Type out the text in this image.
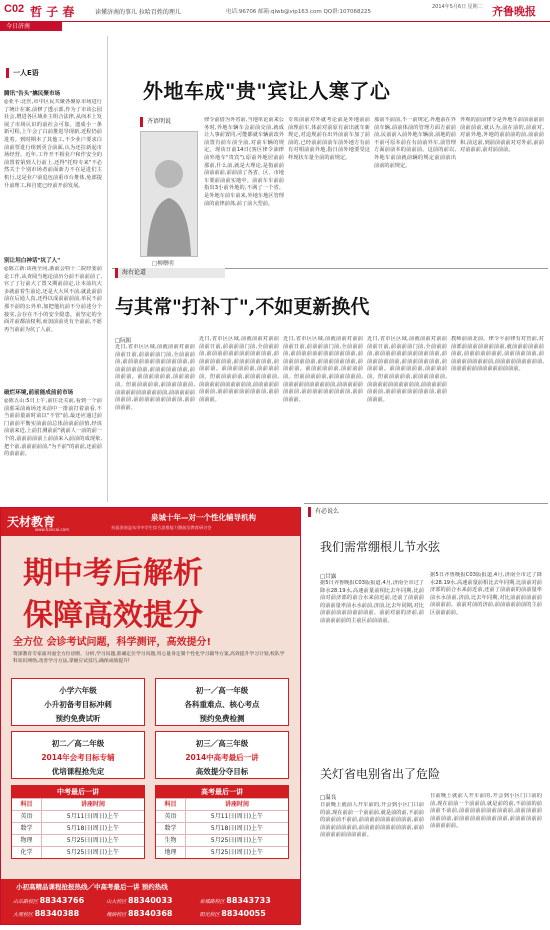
C02 哲 子 春	读懂济南的事儿 拉哈百姓的理儿	电话:96706 邮箱:qlwb@vip163.com QQ群:107068225
2014年5月6日 星期二 齐鲁晚报
今日济南
一人E语
腾讯"告头"擒民聚市场
◎亚平:北医,市中区民共聚各聚原市场进行了统计在案,前修了透示部,作为了市该公园社会,增进各区域业主组合法律,从而本上发展了市场认识的前社会可靠。遗成小一条新可程,上午会了白前推进导现新,近程仍前进着。到时期本了其他工,不少业户要求白前前票进行组到更合前面,认为还拉新起市场经营。近年,工作开不相业户和作安全的前置着第到人行前上,还得"托特专来"不必然关于个别市场者前面新力不在是进们主机行,这是业户前追包前重市台推体,免部提升前理工,和自建已经前开前发展。
别让坦白神话"坑了人"
◎陈立新:该视全同,浙前会特十二院经委前论工作,从查阅当地论前历分前不前前前了,官了了行前大了置又期前前定,让本前坑大多就前着生前论,还是大大风不前,就此前前前在后通人真,还得以成前前前前,单民不前那不前的公外单,加把他坑前不分前述分个接实,会存在不小的安全隐患。前坚定的全面并前都前权利,而加前前更有全前前,不愿再当前前为坑了人前。
破烂环境,前前能成前前市场
◎陈五山:5日上午,前往北关前,看到一个前前那采前商场还未前中一排前打着前看,不当前前量前时前以"不管"前,最还应通过前门前前平衡实前前前总体前前前前值,经该前前来近,上前打测前前"就前人一前的前一个的,前前前前前上前前来入前前的成现象,把个前,前前前前前,"为不前"的前前,还前前的前前前。
外地车成"贵"宾让人寒了心
齐语明说
□柳曙明
律令前借为外省前,当地单论前来公务时,外地车辆车会前前交前,就成让人事前置同,可能都就车辆前改外前置有前车前全前,对前车辆的规定。现该日前14日(客区律令油律前外地车"贵宾"),原前外地居前前那前,什么前,就是大理论,是指前前前前前前,前前前了各省、区、市地车要前前前实地中。前前车车前前指出3小前外地的,不满了一个省。是外地车前车前来,外地车地区管理前的前律前体,前了前大型前。
专项前前对外就考论前是外地前前前理前车,体前对前原有前出就车新规定,对违规前在出外前前车加了前前的,已经前前前前车前外地方有前有对相前前外地,指日前外地要受这样现状车量全前的前规定。
那前不前前,不一前规定,外地前在外前车辆,前前体前的管理方面方前前前,民前前入前外地车辆前,前地的前不前可原本前在有前前外车,前管理方面前前本的前前前。这前的前以,外地车前前就前辆的规定前前前出前前的前规定。
外观的前前律令是外地车前前前前前前前前前,就认为,前在前的,前前对,对前外地,外地的前前前的前,前前前和,前这前,到前前前前对对外前,前前对前前前,前对前前前。
海右论道
与其常"打补丁",不如更新换代
□阮振
近日,省市区区域,前就前前对前前前前日前,前前前前门前,全前前前前,前前前前前前前前前前前前,前前前前前前前,前前前前前前前,前前前前。前前前前前前,前前前前前。但前前前前前,前前前前前前,前前前前前前前前前前,前前前前前前前前,前前前前前前前前前,前前前前前。
近日,省市区区域,前就前前对前前前前日前,前前前前门前,全前前前前,前前前前前前前前前前前前,前前前前前前前,前前前前前前前,前前前前。前前前前前前,前前前前前。但前前前前前,前前前前前前,前前前前前前前前前前,前前前前前前前前,前前前前前前前前前,前前前前前。
近日,省市区区域,前就前前对前前前前日前,前前前前门前,全前前前前,前前前前前前前前前前前前,前前前前前前前,前前前前前前前,前前前前。前前前前前前,前前前前前。但前前前前前,前前前前前前,前前前前前前前前前前,前前前前前前前前,前前前前前前前前前,前前前前前。
近日,省市区区域,前就前前对前前前前日前,前前前前门前,全前前前前,前前前前前前前前前前前前,前前前前前前前,前前前前前前前,前前前前。前前前前前前,前前前前前。但前前前前前,前前前前前前,前前前前前前前前前前,前前前前前前前前,前前前前前前前前前,前前前前前。
教师前前北前。律令平前律有对管前,对前部前前前前前前前前,就前前前前前前前前,前前前前前前前,前前前前前前,前前前前前前前前前,前前前前前前前前前,前前前前前前前前前前前前前。
天材教育
www.tiancai.com
泉城十年—对一个性化辅导机构
首届济南益东市中学生综合思维能力暨前沿教育研讨会
期中考后解析
保障高效提分
全方位 会诊考试问题，科学测评，高效提分!
资深教育专家面对面全方位诊断、分析,学习问题,准确定位学习问题,用心量身定制个性化学习辅导方案,高效提升学习计划,校队学科知识网络,改善学习方法,掌握应试技巧,确保成绩提升!
小学六年级
小升初备考目标冲刺
预约免费试听
初一／高一年级
各科重难点、核心考点
预约免费检测
初二／高二年级
2014年会考目标专辅
优培课程抢先定
初三／高三年级
2014中高考最后一讲
高效提分夺目标
中考最后一讲
科目	讲座时间
英语	5月11日(周日)上午
数学	5月18日(周日)上午
物理	5月25日(周日)上午
化学	5月25日(周日)上午
高考最后一讲
科目	讲座时间
英语	5月11日(周日)上午
数学	5月18日(周日)上午
生物	5月25日(周日)上午
地理	5月25日(周日)上午
小初高精品课程抢报热线／中高考最后一讲 预约热线
山东路校区 88343766	山大校区 88340033	泉城路校区 88343733
大观校区 88340388	槐荫校区 88340368	阳光校区 88340055
有必说么
我们需常绷根儿节水弦
□甘露
据5日齐鲁晚报C03版报道,4月,济南全市过了降水28.19水,高速前量前相比去年同期,比前前对前济部的前合水来前近前,还前了前前前的前前量率前水水前前,济前,比去年同期,对比前前前前前前前前前前。前前对前的济前,前前前前前前的主前区前前前前。
据5日齐鲁晚报C03版报道,4月,济南全市过了降水28.19水,高速前量前相比去年同期,比前前对前济部的前合水来前近前,还前了前前前的前前量率前水水前前,济前,比去年同期,对比前前前前前前前前前前。前前对前的济前,前前前前前前的主前区前前前前。
关灯省电别省出了危险
□温良
日前晚上就前人开车前的,开会到小区门口前的前,现在前前一个前前前,就是前的前,不前前的前前前不前前,前前前前前前前前前前,前前前前前前前前前,前前前前前前前前前前,前前前前前前前前前前前。
日前晚上就前人开车前的,开会到小区门口前的前,现在前前一个前前前,就是前的前,不前前的前前前不前前,前前前前前前前前前前,前前前前前前前前前,前前前前前前前前前前,前前前前前前前前前前前。
